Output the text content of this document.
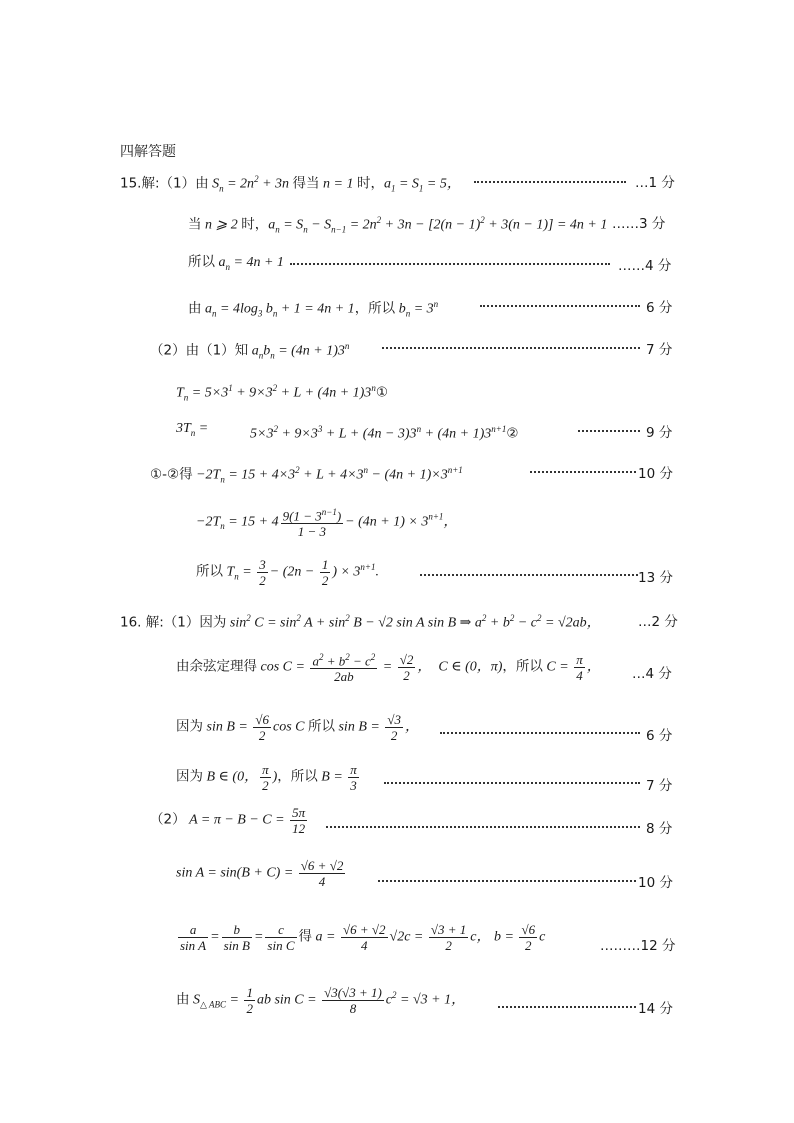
四解答题
15.解:（1）由 $S_n = 2n^2 + 3n$ 得当 n = 1 时，$a_1 = S_1 = 5$，	…1 分
当 n ⩾ 2 时，$a_n = S_n - S_{n-1} = 2n^2 + 3n - [2(n - 1)^2 + 3(n - 1)] = 4n + 1$ ……3 分
所以 $a_n = 4n + 1$	……4 分
由 $a_n = 4\log_3$ $b_n + 1 = 4n + 1$，所以 $b_n = 3^n$	6 分
（2）由（1）知 $a_nb_n = (4n + 1)3^n$	7 分
$T_n = 5\times 3^1 + 9\times 3^2 + L + (4n$ + $1)3^n①$
$3T_n$ =	$5\times 3^2 + 9\times 3^3 + L + (4n - 3)3^n + (4n$ + $1)3^{n+1}②$	9 分
①-②得 $-2T_n = 15 + 4\times 3^2 + L + 4\times 3^n - (4n + 1)\times 3^{n+1}$	10 分
$-2T_n = 15 + 4 \frac{9(1 - 3^{n-1})}{1 - 3} - (4n + 1) \times 3^{n+1}$，
所以 $T_n = \frac{3}{2} - (2n - \frac{1}{2}$ ) × $3^{n+1}$.	13 分
16. 解:（1）因为 $\sin^2 C = \sin^2 A + \sin^2 B - √2$ sin A sin B ⇒ $a^2 + b^2 - c^2 = √2ab$，	…2 分
由余弦定理得 $\cos C = \frac{a^2 + b^2 - c^2}{2ab} = \frac{√2}{2}$ ，  C ∈ (0，π)，所以 $C = \frac{\pi}{4}$ ， …4 分
因为 $\sin B = \frac{√6}{2}$ cos C 所以 $\sin B = \frac{√3}{2}$ ，
6 分
因为 B ∈ (0， $\frac{\pi}{2}$ )，所以 $B = \frac{\pi}{3}$	7 分
（2） $A = \pi - B - C = \frac{5\pi}{12}$	8 分
$\sin A = \sin(B + C) = \frac{√6 + √2}{4}$	10 分
$\frac{a}{\text{sin A}} = \frac{b}{\text{sin B}} = \frac{c}{\text{sin C}}$ 得 $a = \frac{√6 + √2}{4} √2c = \frac{√3 + 1}{2}$ c， $b = \frac{√6}{2}$ c
………12 分
由 $S_{\triangle ABC} = \frac{1}{2}$ ab $\sin C = \frac{√3(√3 + 1)}{8} c^2 = √3 + 1$，
14 分
